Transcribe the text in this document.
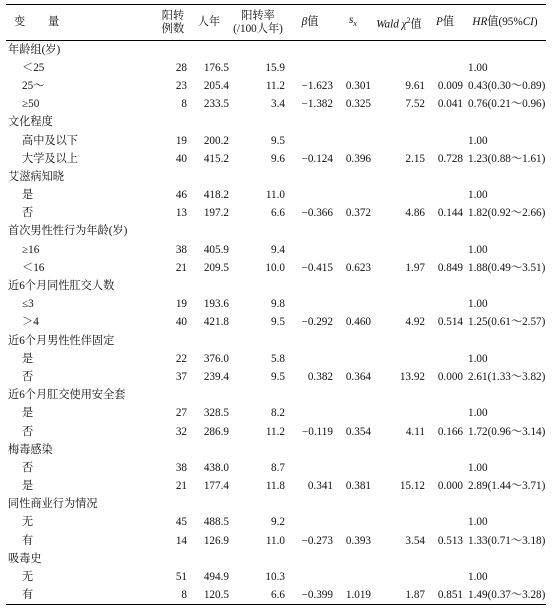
变 量	阳转
例数	人年	阳转率
(/100人年)	β值	$s_x$	Wald $\chi^2$值	P值	HR值(95%CI)
年龄组(岁)								
＜25	28	176.5	15.9					1.00
25～	23	205.4	11.2	−1.623	0.301	9.61	0.009	0.43(0.30～0.89)
≥50	8	233.5	3.4	−1.382	0.325	7.52	0.041	0.76(0.21～0.96)
文化程度								
高中及以下	19	200.2	9.5					1.00
大学及以上	40	415.2	9.6	−0.124	0.396	2.15	0.728	1.23(0.88～1.61)
艾滋病知晓								
是	46	418.2	11.0					1.00
否	13	197.2	6.6	−0.366	0.372	4.86	0.144	1.82(0.92～2.66)
首次男性性行为年龄(岁)								
≥16	38	405.9	9.4					1.00
＜16	21	209.5	10.0	−0.415	0.623	1.97	0.849	1.88(0.49～3.51)
近6个月同性肛交人数								
≤3	19	193.6	9.8					1.00
＞4	40	421.8	9.5	−0.292	0.460	4.92	0.514	1.25(0.61～2.57)
近6个月男性性伴固定								
是	22	376.0	5.8					1.00
否	37	239.4	9.5	0.382	0.364	13.92	0.000	2.61(1.33～3.82)
近6个月肛交使用安全套								
是	27	328.5	8.2					1.00
否	32	286.9	11.2	−0.119	0.354	4.11	0.166	1.72(0.96～3.14)
梅毒感染								
否	38	438.0	8.7					1.00
是	21	177.4	11.8	0.341	0.381	15.12	0.000	2.89(1.44～3.71)
同性商业行为情况								
无	45	488.5	9.2					1.00
有	14	126.9	11.0	−0.273	0.393	3.54	0.513	1.33(0.71～3.18)
吸毒史								
无	51	494.9	10.3					1.00
有	8	120.5	6.6	−0.399	1.019	1.87	0.851	1.49(0.37～3.28)
